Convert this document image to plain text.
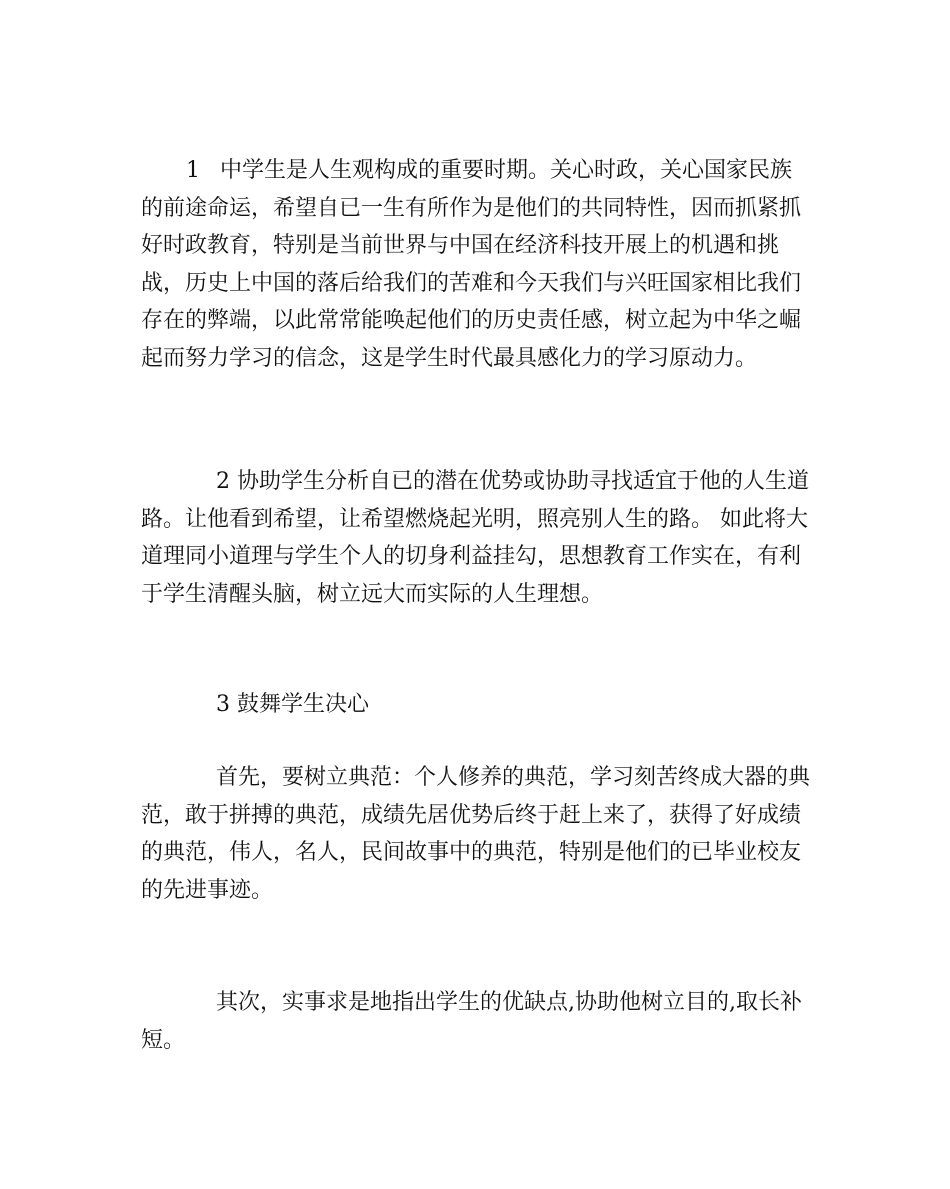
1 中学生是人生观构成的重要时期。关心时政，关心国家民族
的前途命运，希望自已一生有所作为是他们的共同特性，因而抓紧抓
好时政教育，特别是当前世界与中国在经济科技开展上的机遇和挑
战，历史上中国的落后给我们的苦难和今天我们与兴旺国家相比我们
存在的弊端，以此常常能唤起他们的历史责任感，树立起为中华之崛
起而努力学习的信念，这是学生时代最具感化力的学习原动力。
2 协助学生分析自已的潜在优势或协助寻找适宜于他的人生道
路。让他看到希望，让希望燃烧起光明，照亮别人生的路。 如此将大
道理同小道理与学生个人的切身利益挂勾，思想教育工作实在，有利
于学生清醒头脑，树立远大而实际的人生理想。
3 鼓舞学生决心
首先，要树立典范：个人修养的典范，学习刻苦终成大器的典
范，敢于拼搏的典范，成绩先居优势后终于赶上来了，获得了好成绩
的典范，伟人，名人，民间故事中的典范，特别是他们的已毕业校友
的先进事迹。
其次，实事求是地指出学生的优缺点,协助他树立目的,取长补
短。
